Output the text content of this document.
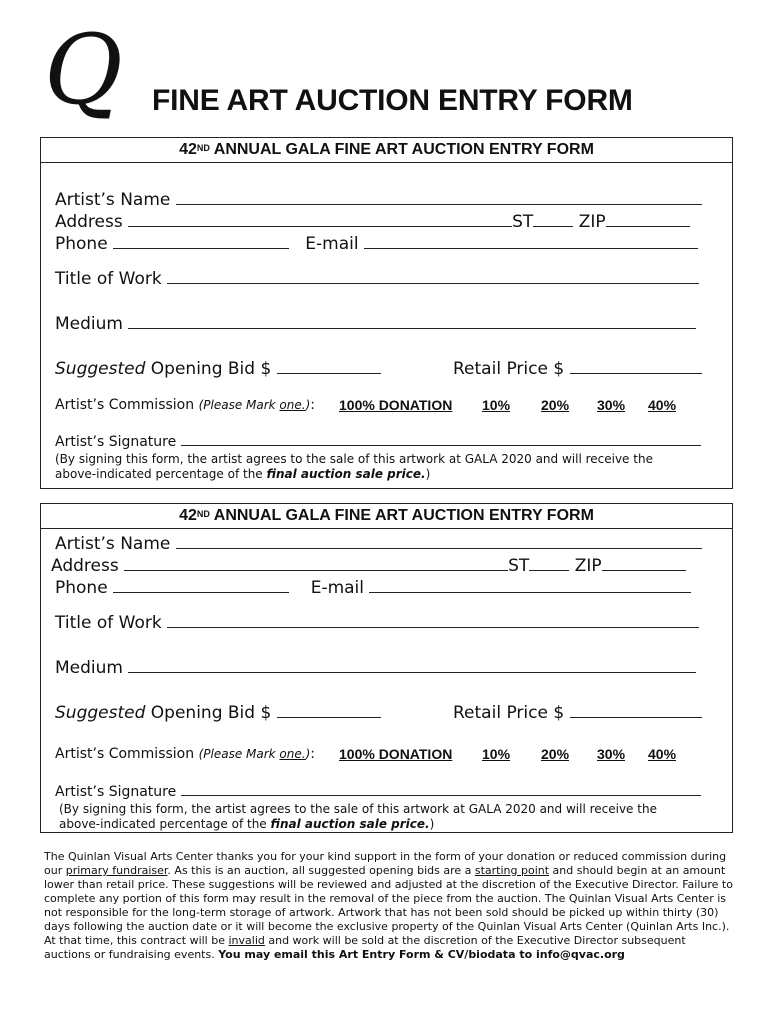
Q FINE ART AUCTION ENTRY FORM
42ND ANNUAL GALA FINE ART AUCTION ENTRY FORM
Artist’s Name
Address	ST	ZIP
Phone	E-mail
Title of Work
Medium
Suggested Opening Bid $	Retail Price $
Artist’s Commission (Please Mark one.): 100% DONATION 10% 20% 30% 40%
Artist’s Signature
(By signing this form, the artist agrees to the sale of this artwork at GALA 2020 and will receive the above-indicated percentage of the final auction sale price.)
42ND ANNUAL GALA FINE ART AUCTION ENTRY FORM
Artist’s Name
Address	ST	ZIP
Phone	E-mail
Title of Work
Medium
Suggested Opening Bid $	Retail Price $
Artist’s Commission (Please Mark one.): 100% DONATION 10% 20% 30% 40%
Artist’s Signature
(By signing this form, the artist agrees to the sale of this artwork at GALA 2020 and will receive the above-indicated percentage of the final auction sale price.)
The Quinlan Visual Arts Center thanks you for your kind support in the form of your donation or reduced commission during our primary fundraiser. As this is an auction, all suggested opening bids are a starting point and should begin at an amount lower than retail price. These suggestions will be reviewed and adjusted at the discretion of the Executive Director. Failure to complete any portion of this form may result in the removal of the piece from the auction. The Quinlan Visual Arts Center is not responsible for the long-term storage of artwork. Artwork that has not been sold should be picked up within thirty (30) days following the auction date or it will become the exclusive property of the Quinlan Visual Arts Center (Quinlan Arts Inc.). At that time, this contract will be invalid and work will be sold at the discretion of the Executive Director subsequent auctions or fundraising events. You may email this Art Entry Form & CV/biodata to info@qvac.org
